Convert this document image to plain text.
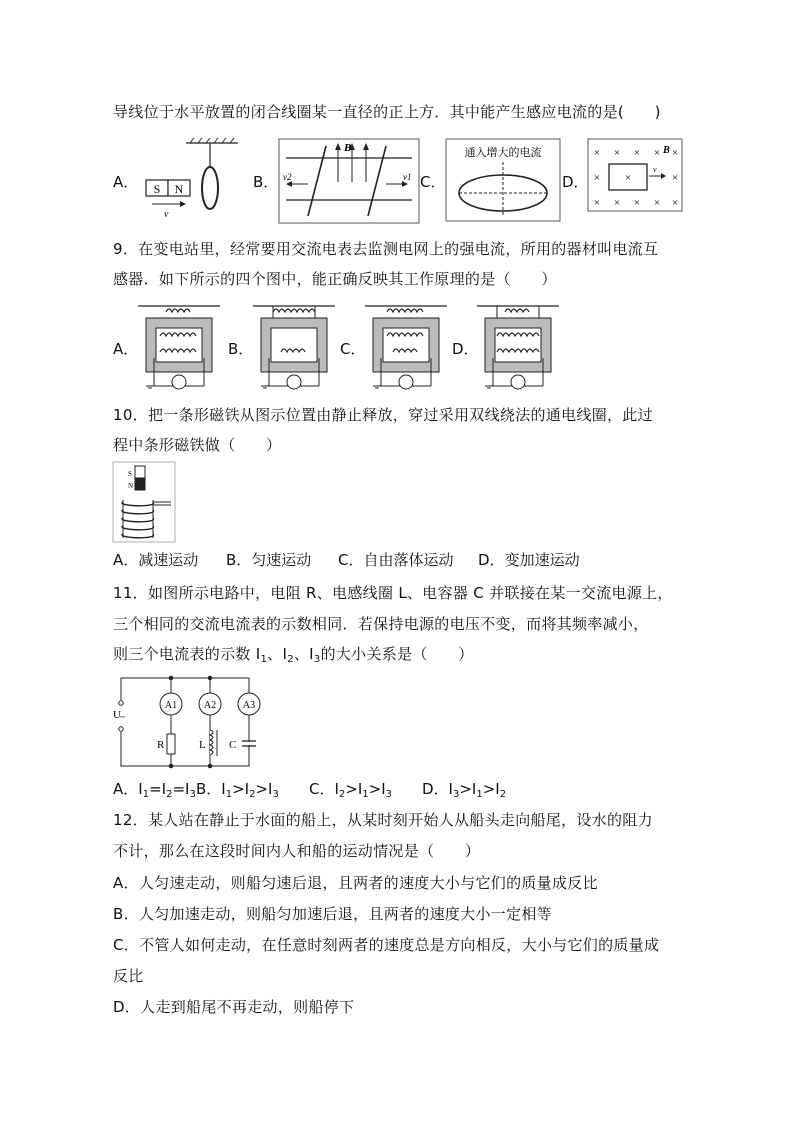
导线位于水平放置的闭合线圈某一直径的正上方．其中能产生感应电流的是(　　)
A． S N
v
B．
B
v2	v1 C．
通入增大的电流
D．
× × × ×
×	×
× × × × ×
×
B
×
v
9．在变电站里，经常要用交流电表去监测电网上的强电流，所用的器材叫电流互
感器．如下所示的四个图中，能正确反映其工作原理的是（　　）
A．	B．	C．	D．
10．把一条形磁铁从图示位置由静止释放，穿过采用双线绕法的通电线圈，此过
程中条形磁铁做（　　）
S
N
A．减速运动 B．匀速运动 C．自由落体运动 D．变加速运动
11．如图所示电路中，电阻 R、电感线圈 L、电容器 C 并联接在某一交流电源上，
三个相同的交流电流表的示数相同．若保持电源的电压不变，而将其频率减小，
则三个电流表的示数 $I_1$、$I_2$、$I_3$的大小关系是（　　）
A1	A2	A3
U ~
R	L C
A．$I_1=I_2=I_3$ B．$I_1>I_2>I_3$ C．$I_2>I_1>I_3$ D．$I_3>I_1>I_2$
12．某人站在静止于水面的船上，从某时刻开始人从船头走向船尾，设水的阻力
不计，那么在这段时间内人和船的运动情况是（　　）
A．人匀速走动，则船匀速后退，且两者的速度大小与它们的质量成反比
B．人匀加速走动，则船匀加速后退，且两者的速度大小一定相等
C．不管人如何走动，在任意时刻两者的速度总是方向相反，大小与它们的质量成
反比
D．人走到船尾不再走动，则船停下
